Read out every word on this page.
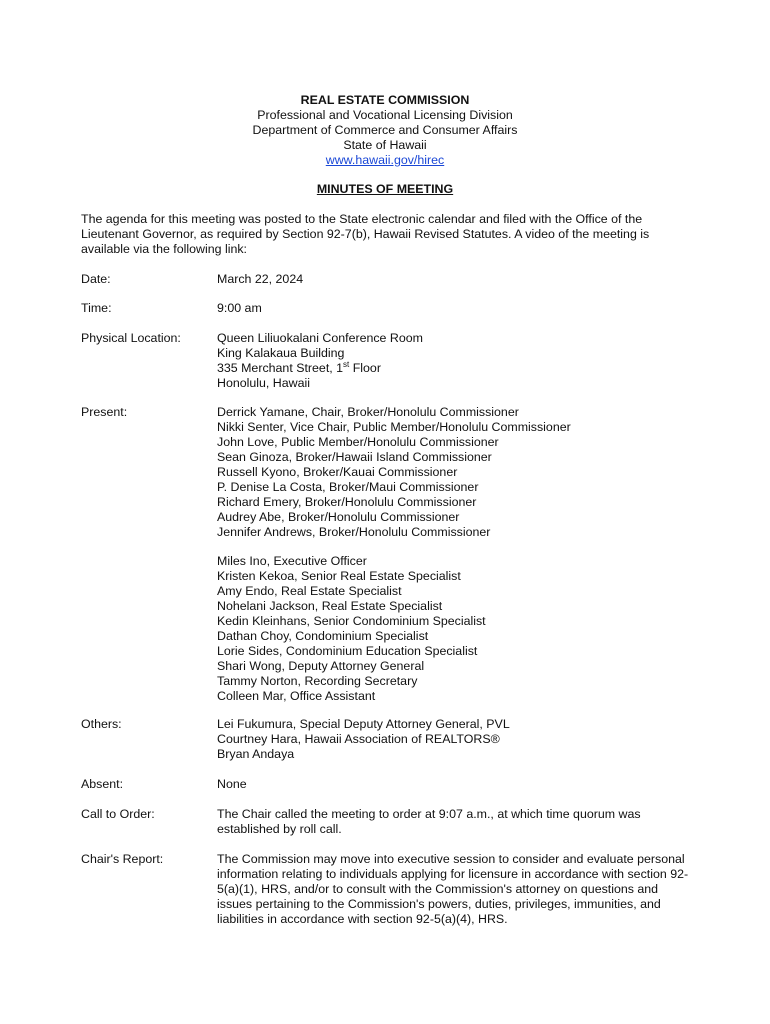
REAL ESTATE COMMISSION
Professional and Vocational Licensing Division
Department of Commerce and Consumer Affairs
State of Hawaii
www.hawaii.gov/hirec
MINUTES OF MEETING
The agenda for this meeting was posted to the State electronic calendar and filed with the Office of the Lieutenant Governor, as required by Section 92-7(b), Hawaii Revised Statutes. A video of the meeting is available via the following link:
Date:	March 22, 2024
Time:	9:00 am
Physical Location:	Queen Liliuokalani Conference Room
King Kalakaua Building
335 Merchant Street, 1st Floor
Honolulu, Hawaii
Present:	Derrick Yamane, Chair, Broker/Honolulu Commissioner
Nikki Senter, Vice Chair, Public Member/Honolulu Commissioner
John Love, Public Member/Honolulu Commissioner
Sean Ginoza, Broker/Hawaii Island Commissioner
Russell Kyono, Broker/Kauai Commissioner
P. Denise La Costa, Broker/Maui Commissioner
Richard Emery, Broker/Honolulu Commissioner
Audrey Abe, Broker/Honolulu Commissioner
Jennifer Andrews, Broker/Honolulu Commissioner
Miles Ino, Executive Officer
Kristen Kekoa, Senior Real Estate Specialist
Amy Endo, Real Estate Specialist
Nohelani Jackson, Real Estate Specialist
Kedin Kleinhans, Senior Condominium Specialist
Dathan Choy, Condominium Specialist
Lorie Sides, Condominium Education Specialist
Shari Wong, Deputy Attorney General
Tammy Norton, Recording Secretary
Colleen Mar, Office Assistant
Others:	Lei Fukumura, Special Deputy Attorney General, PVL
Courtney Hara, Hawaii Association of REALTORS®
Bryan Andaya
Absent:	None
Call to Order:	The Chair called the meeting to order at 9:07 a.m., at which time quorum was established by roll call.
Chair's Report:	The Commission may move into executive session to consider and evaluate personal information relating to individuals applying for licensure in accordance with section 92-5(a)(1), HRS, and/or to consult with the Commission's attorney on questions and issues pertaining to the Commission's powers, duties, privileges, immunities, and liabilities in accordance with section 92-5(a)(4), HRS.
